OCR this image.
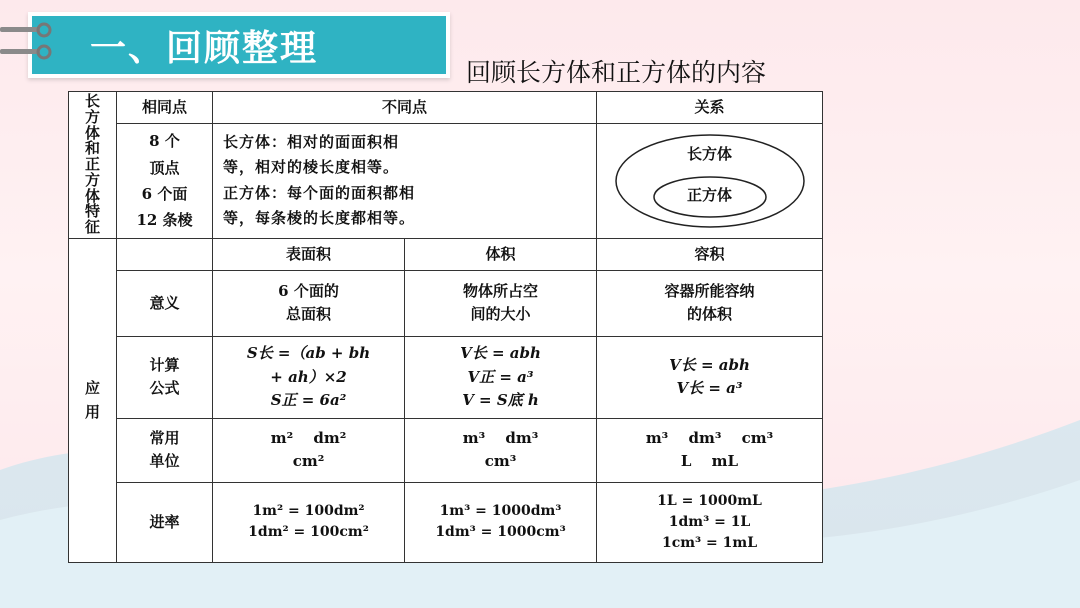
一、回顾整理
回顾长方体和正方体的内容
长方体和正方体特征	相同点	不同点		关系

	8 个
顶点
6 个面
12 条棱	长方体：相对的面面积相
等，相对的棱长度相等。
正方体：每个面的面积都相
等，每条棱的长度都相等。		长方体
正方体

应用		表面积	体积	容积
	意义	6 个面的
总面积	物体所占空
间的大小	容器所能容纳
的体积

	计算
公式	S长 =（ab + bh
+ ah）×2
S正 = 6a²	V长 = abh
V正 = a³
V = S底 h	V长 = abh
V长 = a³

	常用
单位	m²　 dm²
cm²	m³　 dm³
cm³	m³　 dm³　 cm³
L　 mL

	进率	1m² = 100dm²
1dm² = 100cm²	1m³ = 1000dm³
1dm³ = 1000cm³	1L = 1000mL
1dm³ = 1L
1cm³ = 1mL
